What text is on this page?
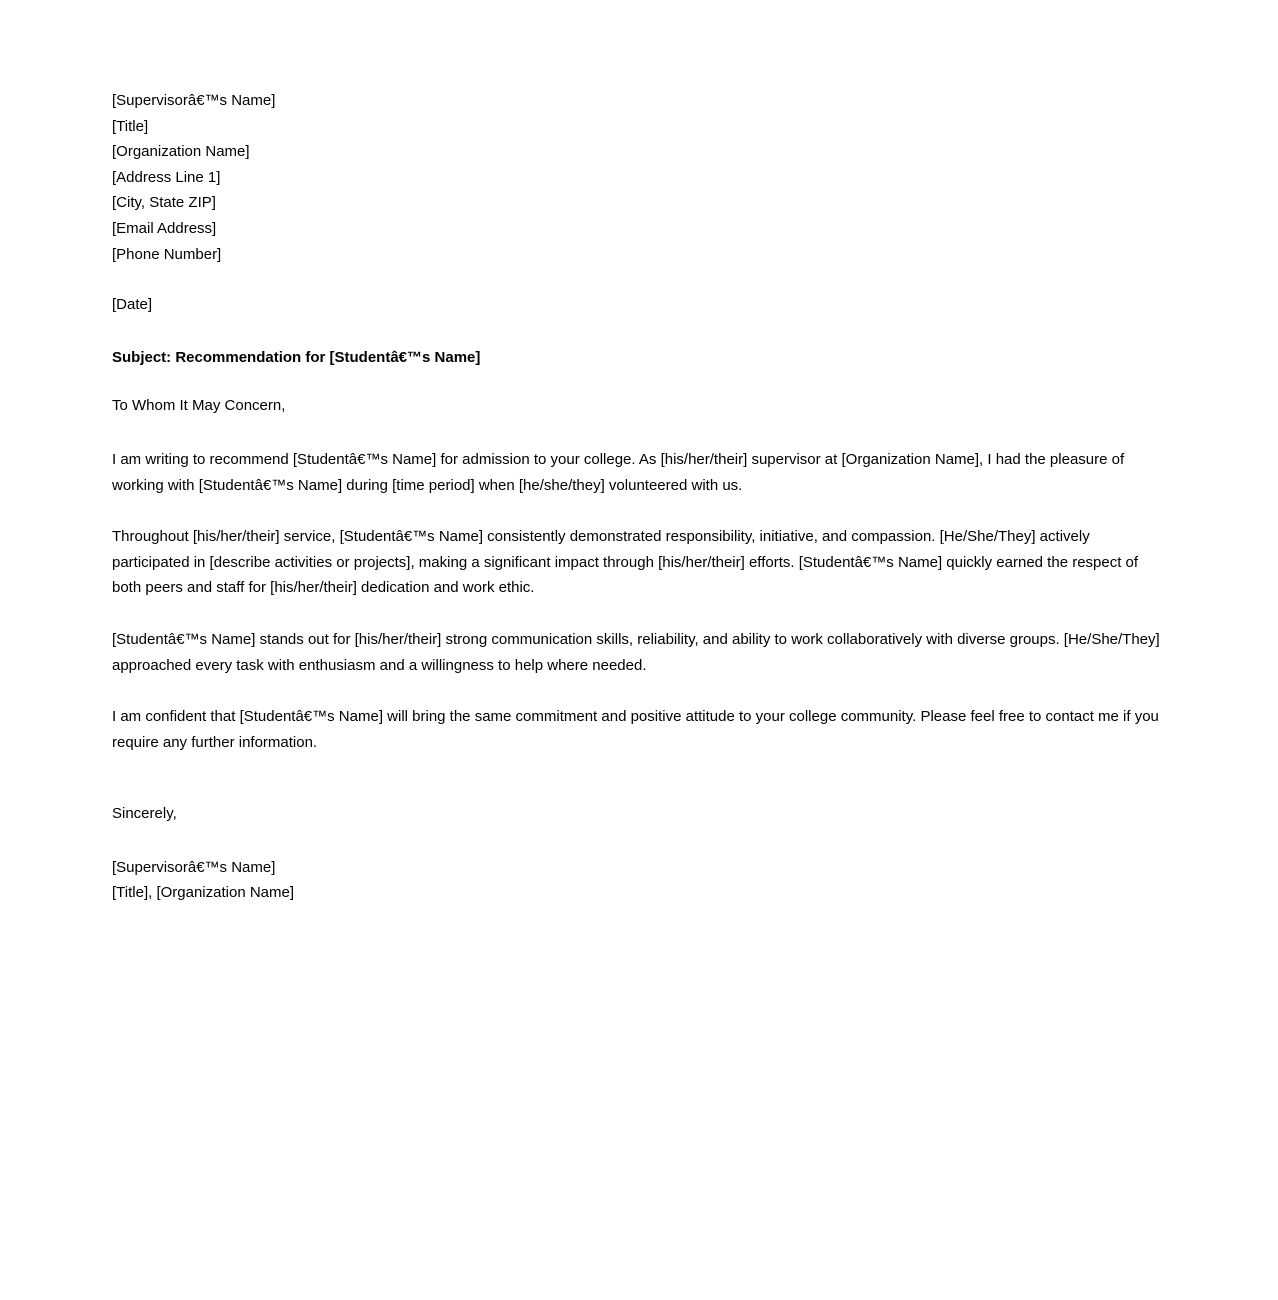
[Supervisorâ€™s Name]
[Title]
[Organization Name]
[Address Line 1]
[City, State ZIP]
[Email Address]
[Phone Number]
[Date]
Subject: Recommendation for [Studentâ€™s Name]
To Whom It May Concern,
I am writing to recommend [Studentâ€™s Name] for admission to your college. As [his/her/their] supervisor at [Organization Name], I had the pleasure of working with [Studentâ€™s Name] during [time period] when [he/she/they] volunteered with us.
Throughout [his/her/their] service, [Studentâ€™s Name] consistently demonstrated responsibility, initiative, and compassion. [He/She/They] actively participated in [describe activities or projects], making a significant impact through [his/her/their] efforts. [Studentâ€™s Name] quickly earned the respect of both peers and staff for [his/her/their] dedication and work ethic.
[Studentâ€™s Name] stands out for [his/her/their] strong communication skills, reliability, and ability to work collaboratively with diverse groups. [He/She/They] approached every task with enthusiasm and a willingness to help where needed.
I am confident that [Studentâ€™s Name] will bring the same commitment and positive attitude to your college community. Please feel free to contact me if you require any further information.
Sincerely,
[Supervisorâ€™s Name]
[Title], [Organization Name]
